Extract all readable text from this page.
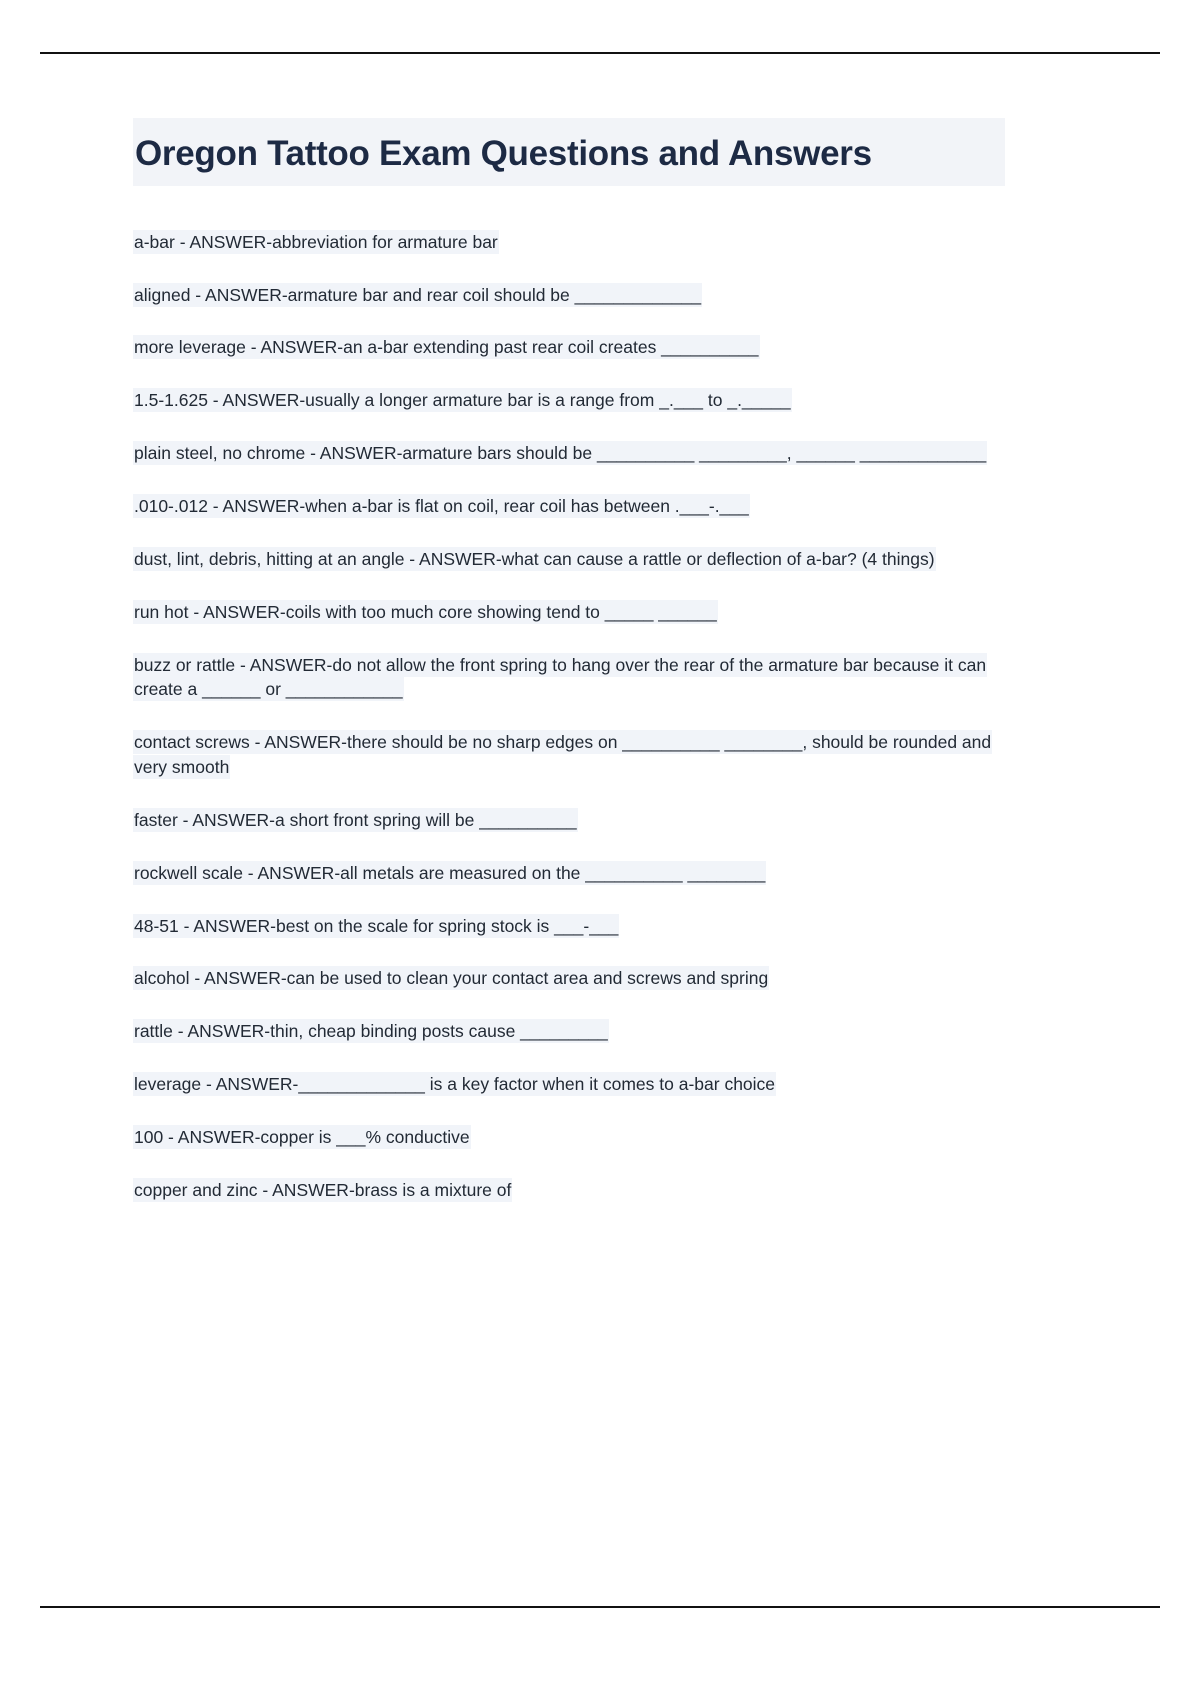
Oregon Tattoo Exam Questions and Answers

a-bar - ANSWER-abbreviation for armature bar

aligned - ANSWER-armature bar and rear coil should be _____________

more leverage - ANSWER-an a-bar extending past rear coil creates __________

1.5-1.625 - ANSWER-usually a longer armature bar is a range from _.___ to _._____

plain steel, no chrome - ANSWER-armature bars should be __________ _________, ______ _____________

.010-.012 - ANSWER-when a-bar is flat on coil, rear coil has between .___-.___

dust, lint, debris, hitting at an angle - ANSWER-what can cause a rattle or deflection of a-bar? (4 things)

run hot - ANSWER-coils with too much core showing tend to _____ ______

buzz or rattle - ANSWER-do not allow the front spring to hang over the rear of the armature bar because it can create a ______ or ____________

contact screws - ANSWER-there should be no sharp edges on __________ ________, should be rounded and very smooth

faster - ANSWER-a short front spring will be __________

rockwell scale - ANSWER-all metals are measured on the __________ ________

48-51 - ANSWER-best on the scale for spring stock is ___-___

alcohol - ANSWER-can be used to clean your contact area and screws and spring

rattle - ANSWER-thin, cheap binding posts cause _________

leverage - ANSWER-_____________ is a key factor when it comes to a-bar choice

100 - ANSWER-copper is ___% conductive

copper and zinc - ANSWER-brass is a mixture of
